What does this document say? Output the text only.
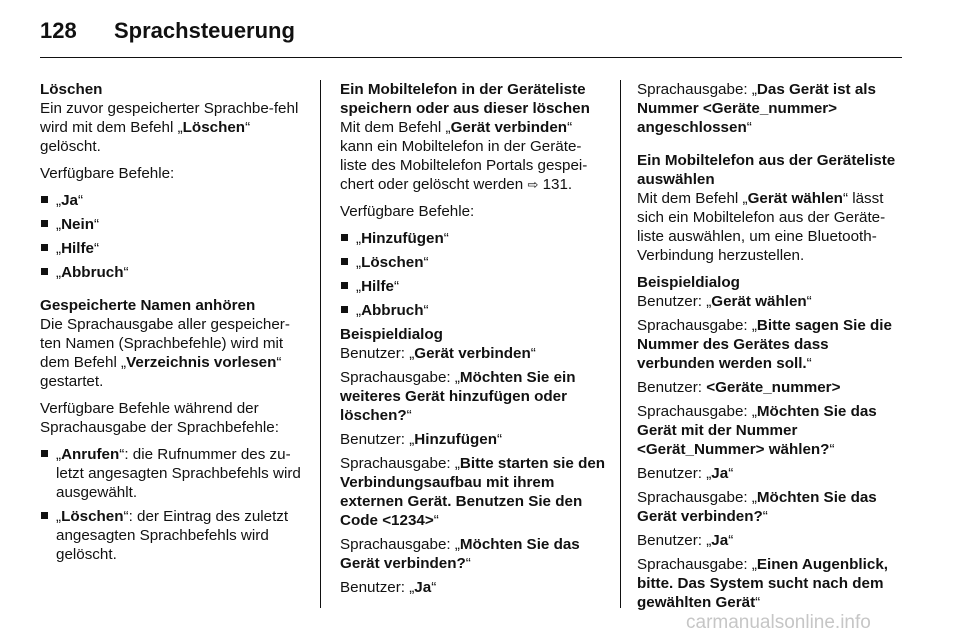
128 Sprachsteuerung
Löschen

Ein zuvor gespeicherter Sprachbe-fehl wird mit dem Befehl „Löschen“ gelöscht.

Verfügbare Befehle:

„Ja“
„Nein“
„Hilfe“
„Abbruch“
Gespeicherte Namen anhören

Die Sprachausgabe aller gespeicher-ten Namen (Sprachbefehle) wird mit dem Befehl „Verzeichnis vorlesen“ gestartet.

Verfügbare Befehle während der Sprachausgabe der Sprachbefehle:

„Anrufen“: die Rufnummer des zu-letzt angesagten Sprachbefehls wird ausgewählt.
„Löschen“: der Eintrag des zuletzt angesagten Sprachbefehls wird gelöscht.
Ein Mobiltelefon in der Geräteliste speichern oder aus dieser löschen

Mit dem Befehl „Gerät verbinden“ kann ein Mobiltelefon in der Geräte-liste des Mobiltelefon Portals gespei-chert oder gelöscht werden ⇨ 131.

Verfügbare Befehle:

„Hinzufügen“
„Löschen“
„Hilfe“
„Abbruch“
Beispieldialog

Benutzer: „Gerät verbinden“

Sprachausgabe: „Möchten Sie ein weiteres Gerät hinzufügen oder löschen?“

Benutzer: „Hinzufügen“

Sprachausgabe: „Bitte starten sie den Verbindungsaufbau mit ihrem externen Gerät. Benutzen Sie den Code <1234>“

Sprachausgabe: „Möchten Sie das Gerät verbinden?“

Benutzer: „Ja“

Sprachausgabe: „Das Gerät ist als Nummer <Geräte_nummer> angeschlossen“

Ein Mobiltelefon aus der Geräteliste auswählen

Mit dem Befehl „Gerät wählen“ lässt sich ein Mobiltelefon aus der Geräte-liste auswählen, um eine Bluetooth-Verbindung herzustellen.

Beispieldialog

Benutzer: „Gerät wählen“

Sprachausgabe: „Bitte sagen Sie die Nummer des Gerätes dass verbunden werden soll.“

Benutzer: <Geräte_nummer>

Sprachausgabe: „Möchten Sie das Gerät mit der Nummer <Gerät_Nummer> wählen?“

Benutzer: „Ja“

Sprachausgabe: „Möchten Sie das Gerät verbinden?“

Benutzer: „Ja“

Sprachausgabe: „Einen Augenblick, bitte. Das System sucht nach dem gewählten Gerät“

carmanualsonline.info
